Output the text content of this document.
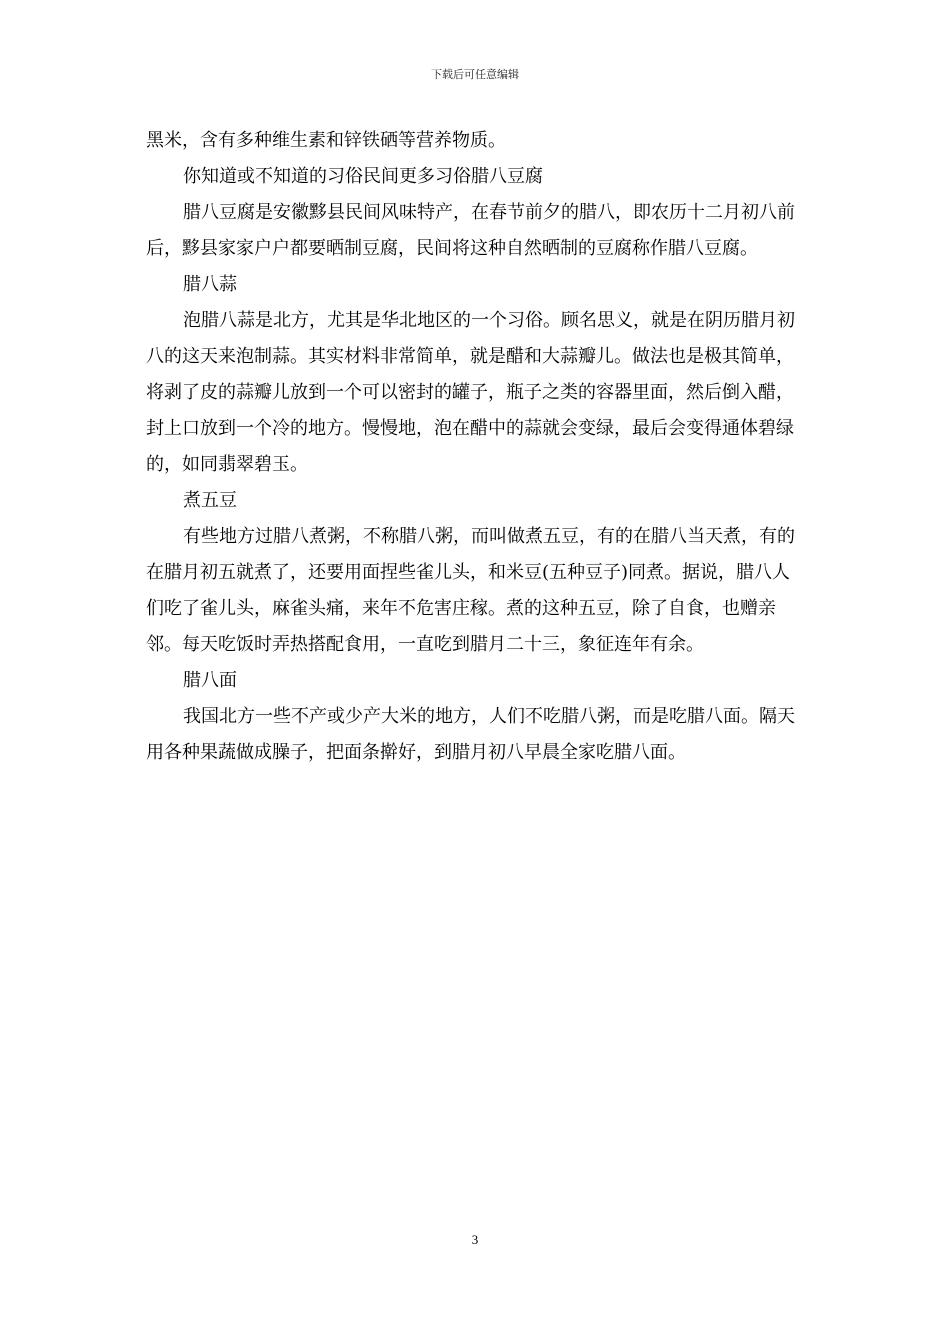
下载后可任意编辑

黑米，含有多种维生素和锌铁硒等营养物质。

你知道或不知道的习俗民间更多习俗腊八豆腐

腊八豆腐是安徽黟县民间风味特产，在春节前夕的腊八，即农历十二月初八前后，黟县家家户户都要晒制豆腐，民间将这种自然晒制的豆腐称作腊八豆腐。

腊八蒜

泡腊八蒜是北方，尤其是华北地区的一个习俗。顾名思义，就是在阴历腊月初八的这天来泡制蒜。其实材料非常简单，就是醋和大蒜瓣儿。做法也是极其简单，将剥了皮的蒜瓣儿放到一个可以密封的罐子，瓶子之类的容器里面，然后倒入醋，封上口放到一个冷的地方。慢慢地，泡在醋中的蒜就会变绿，最后会变得通体碧绿的，如同翡翠碧玉。

煮五豆

有些地方过腊八煮粥，不称腊八粥，而叫做煮五豆，有的在腊八当天煮，有的在腊月初五就煮了，还要用面捏些雀儿头，和米豆(五种豆子)同煮。据说，腊八人们吃了雀儿头，麻雀头痛，来年不危害庄稼。煮的这种五豆，除了自食，也赠亲邻。每天吃饭时弄热搭配食用，一直吃到腊月二十三，象征连年有余。

腊八面

我国北方一些不产或少产大米的地方，人们不吃腊八粥，而是吃腊八面。隔天用各种果蔬做成臊子，把面条擀好，到腊月初八早晨全家吃腊八面。

3
